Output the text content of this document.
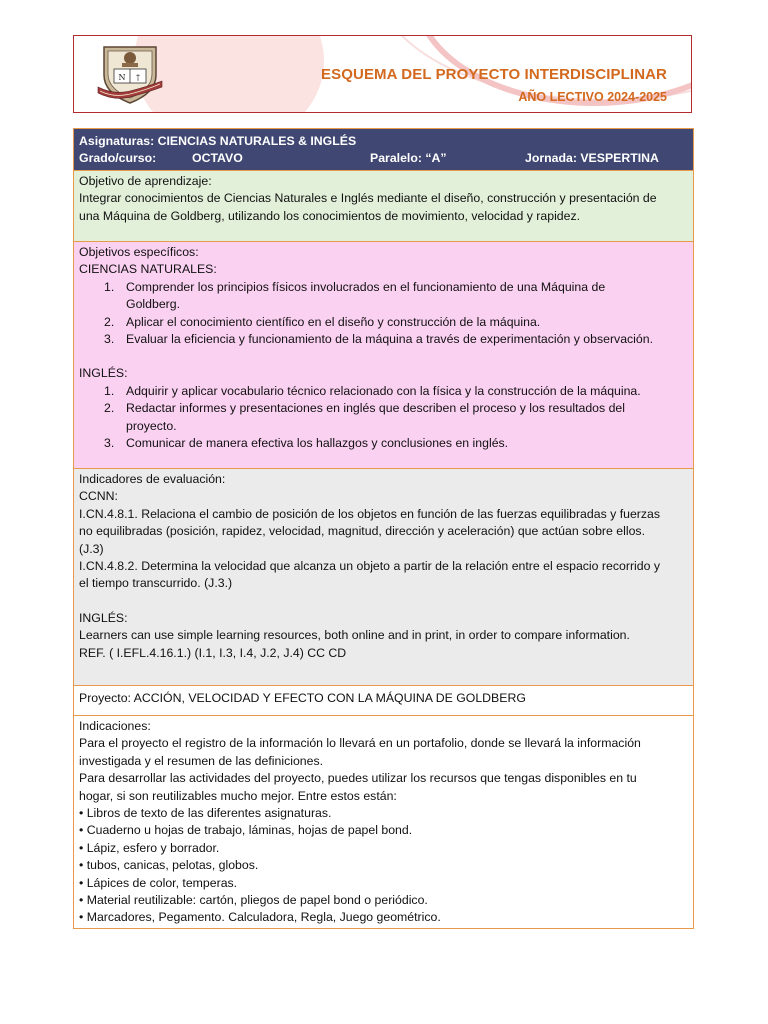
N †	ESQUEMA DEL PROYECTO INTERDISCIPLINAR
AÑO LECTIVO 2024-2025
Asignaturas: CIENCIAS NATURALES & INGLÉS
Grado/curso:	OCTAVO	Paralelo: “A”	Jornada: VESPERTINA
Objetivo de aprendizaje:
Integrar conocimientos de Ciencias Naturales e Inglés mediante el diseño, construcción y presentación de
una Máquina de Goldberg, utilizando los conocimientos de movimiento, velocidad y rapidez.
Objetivos específicos:
CIENCIAS NATURALES:
1. Comprender los principios físicos involucrados en el funcionamiento de una Máquina de
Goldberg.
2. Aplicar el conocimiento científico en el diseño y construcción de la máquina.
3. Evaluar la eficiencia y funcionamiento de la máquina a través de experimentación y observación.
INGLÉS:
1. Adquirir y aplicar vocabulario técnico relacionado con la física y la construcción de la máquina.
2. Redactar informes y presentaciones en inglés que describen el proceso y los resultados del
proyecto.
3. Comunicar de manera efectiva los hallazgos y conclusiones en inglés.
Indicadores de evaluación:
CCNN:
I.CN.4.8.1. Relaciona el cambio de posición de los objetos en función de las fuerzas equilibradas y fuerzas
no equilibradas (posición, rapidez, velocidad, magnitud, dirección y aceleración) que actúan sobre ellos.
(J.3)
I.CN.4.8.2. Determina la velocidad que alcanza un objeto a partir de la relación entre el espacio recorrido y
el tiempo transcurrido. (J.3.)
INGLÉS:
Learners can use simple learning resources, both online and in print, in order to compare information.
REF. ( I.EFL.4.16.1.) (I.1, I.3, I.4, J.2, J.4) CC CD
Proyecto: ACCIÓN, VELOCIDAD Y EFECTO CON LA MÁQUINA DE GOLDBERG
Indicaciones:
Para el proyecto el registro de la información lo llevará en un portafolio, donde se llevará la información
investigada y el resumen de las definiciones.
Para desarrollar las actividades del proyecto, puedes utilizar los recursos que tengas disponibles en tu
hogar, si son reutilizables mucho mejor. Entre estos están:
• Libros de texto de las diferentes asignaturas.
• Cuaderno u hojas de trabajo, láminas, hojas de papel bond.
• Lápiz, esfero y borrador.
• tubos, canicas, pelotas, globos.
• Lápices de color, temperas.
• Material reutilizable: cartón, pliegos de papel bond o periódico.
• Marcadores, Pegamento. Calculadora, Regla, Juego geométrico.
